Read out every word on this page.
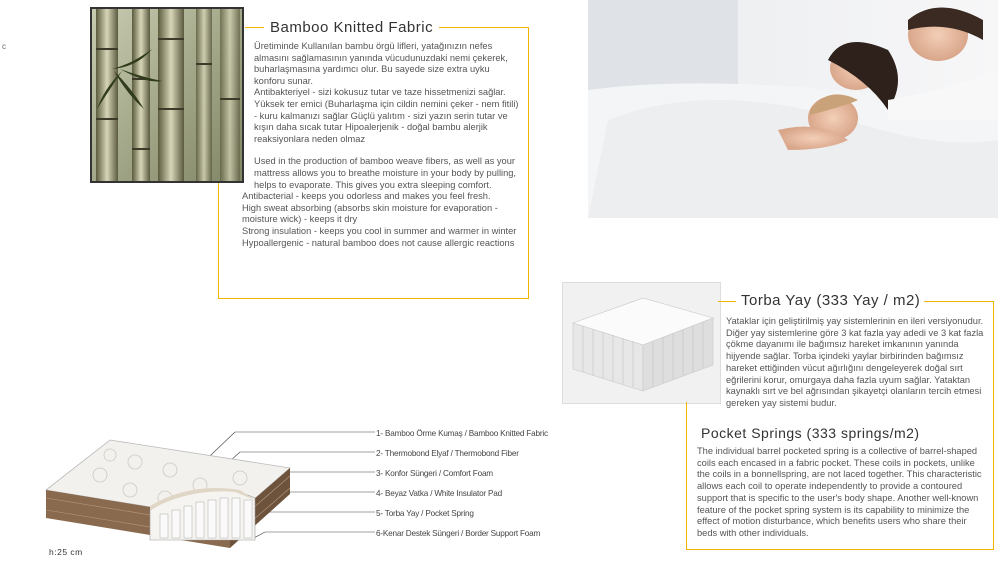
c
Bamboo Knitted Fabric

Üretiminde Kullanılan bambu örgü lifleri, yatağınızın nefes almasını sağlamasının yanında vücudunuzdaki nemi çekerek, buharlaşmasına yardımcı olur. Bu sayede size extra uyku konforu sunar.

Antibakteriyel - sizi kokusuz tutar ve taze hissetmenizi sağlar.

Yüksek ter emici (Buharlaşma için cildin nemini çeker - nem fitili) - kuru kalmanızı sağlar Güçlü yalıtım - sizi yazın serin tutar ve kışın daha sıcak tutar Hipoalerjenik - doğal bambu alerjik reaksiyonlara neden olmaz

Used in the production of bamboo weave fibers, as well as your mattress allows you to breathe moisture in your body by pulling, helps to evaporate. This gives you extra sleeping comfort.

Antibacterial - keeps you odorless and makes you feel fresh.

High sweat absorbing (absorbs skin moisture for evaporation - moisture wick) - keeps it dry

Strong insulation - keeps you cool in summer and warmer in winter

Hypoallergenic - natural bamboo does not cause allergic reactions

Torba Yay (333 Yay / m2)
Yataklar için geliştirilmiş yay sistemlerinin en ileri versiyonudur. Diğer yay sistemlerine göre 3 kat fazla yay adedi ve 3 kat fazla çökme dayanımı ile bağımsız hareket imkanının yanında hijyende sağlar. Torba içindeki yaylar birbirinden bağımsız hareket ettiğinden vücut ağırlığını dengeleyerek doğal sırt eğrilerini korur, omurgaya daha fazla uyum sağlar. Yataktan kaynaklı sırt ve bel ağrısından şikayetçi olanların tercih etmesi gereken yay sistemi budur.
Pocket Springs (333 springs/m2)
The individual barrel pocketed spring is a collective of barrel-shaped coils each encased in a fabric pocket. These coils in pockets, unlike the coils in a bonnellspring, are not laced together. This characteristic allows each coil to operate independently to provide a contoured support that is specific to the user's body shape. Another well-known feature of the pocket spring system is its capability to minimize the effect of motion disturbance, which benefits users who share their beds with other individuals.
1- Bamboo Örme Kumaş / Bamboo Knitted Fabric
2- Thermobond Elyaf / Thermobond Fiber
3- Konfor Süngeri / Comfort Foam
4- Beyaz Vatka / White Insulator Pad
5- Torba Yay / Pocket Spring
6-Kenar Destek Süngeri / Border Support Foam
h:25 cm
